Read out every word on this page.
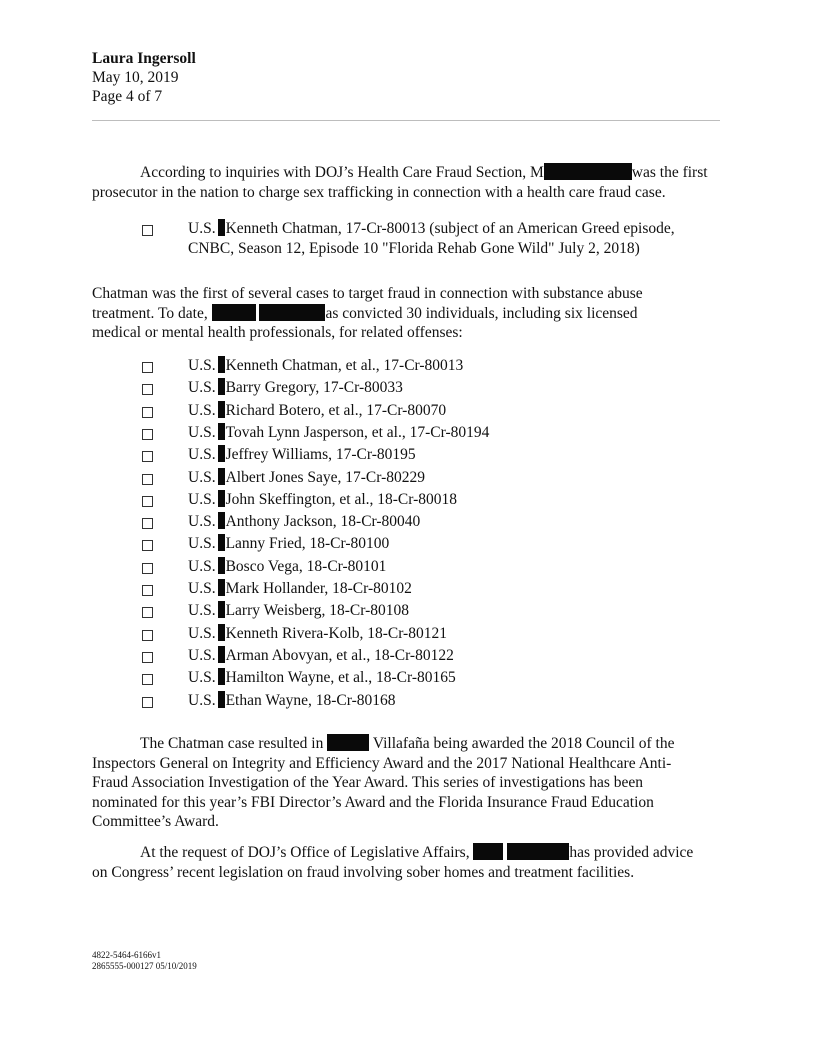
Laura Ingersoll
May 10, 2019
Page 4 of 7
According to inquiries with DOJ’s Health Care Fraud Section, M	was the first prosecutor in the nation to charge sex trafficking in connection with a health care fraud case.
U.S. Kenneth Chatman, 17-Cr-80013 (subject of an American Greed episode, CNBC, Season 12, Episode 10 "Florida Rehab Gone Wild" July 2, 2018)
Chatman was the first of several cases to target fraud in connection with substance abuse
treatment. To date,	as convicted 30 individuals, including six licensed
medical or mental health professionals, for related offenses:
U.S. Kenneth Chatman, et al., 17-Cr-80013
U.S. Barry Gregory, 17-Cr-80033
U.S. Richard Botero, et al., 17-Cr-80070
U.S. Tovah Lynn Jasperson, et al., 17-Cr-80194
U.S. Jeffrey Williams, 17-Cr-80195
U.S. Albert Jones Saye, 17-Cr-80229
U.S. John Skeffington, et al., 18-Cr-80018
U.S. Anthony Jackson, 18-Cr-80040
U.S. Lanny Fried, 18-Cr-80100
U.S. Bosco Vega, 18-Cr-80101
U.S. Mark Hollander, 18-Cr-80102
U.S. Larry Weisberg, 18-Cr-80108
U.S. Kenneth Rivera-Kolb, 18-Cr-80121
U.S. Arman Abovyan, et al., 18-Cr-80122
U.S. Hamilton Wayne, et al., 18-Cr-80165
U.S. Ethan Wayne, 18-Cr-80168
The Chatman case resulted in	Villafaña being awarded the 2018 Council of the Inspectors General on Integrity and Efficiency Award and the 2017 National Healthcare Anti-Fraud Association Investigation of the Year Award. This series of investigations has been nominated for this year’s FBI Director’s Award and the Florida Insurance Fraud Education Committee’s Award.
At the request of DOJ’s Office of Legislative Affairs,	has provided advice on Congress’ recent legislation on fraud involving sober homes and treatment facilities.
4822-5464-6166v1
2865555-000127 05/10/2019
